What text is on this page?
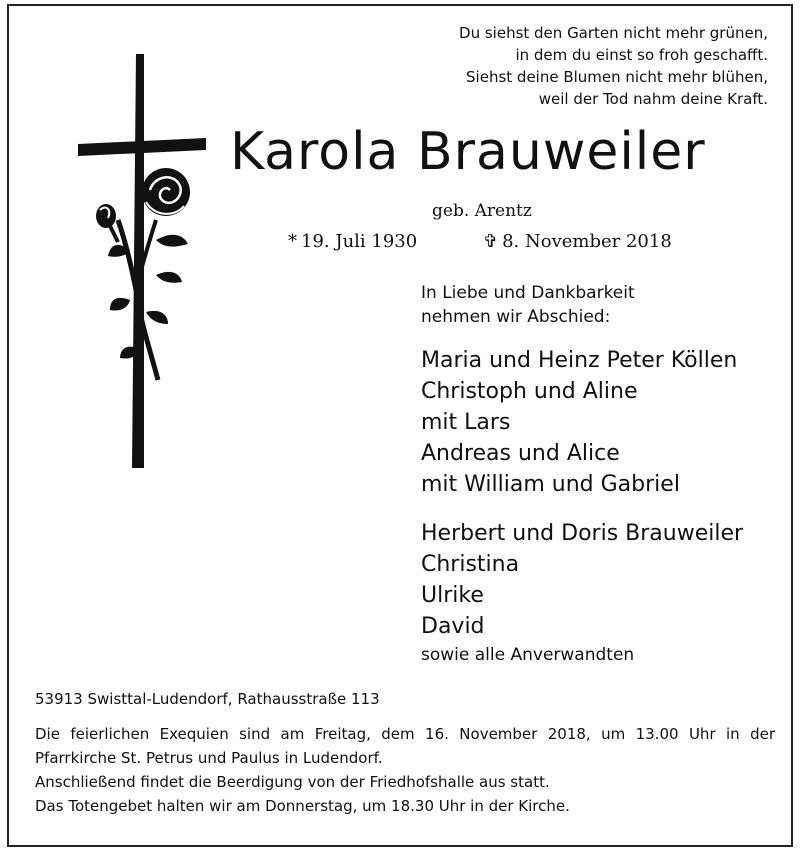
Du siehst den Garten nicht mehr grünen,
in dem du einst so froh geschafft.
Siehst deine Blumen nicht mehr blühen,
weil der Tod nahm deine Kraft.
Karola Brauweiler
geb. Arentz
* 19. Juli 1930	✞ 8. November 2018
In Liebe und Dankbarkeit
nehmen wir Abschied:
Maria und Heinz Peter Köllen
Christoph und Aline
mit Lars
Andreas und Alice
mit William und Gabriel
Herbert und Doris Brauweiler
Christina
Ulrike
David
sowie alle Anverwandten
53913 Swisttal-Ludendorf, Rathausstraße 113
Die feierlichen Exequien sind am Freitag, dem 16. November 2018, um 13.00 Uhr in der Pfarrkirche St. Petrus und Paulus in Ludendorf.
Anschließend findet die Beerdigung von der Friedhofshalle aus statt.
Das Totengebet halten wir am Donnerstag, um 18.30 Uhr in der Kirche.
